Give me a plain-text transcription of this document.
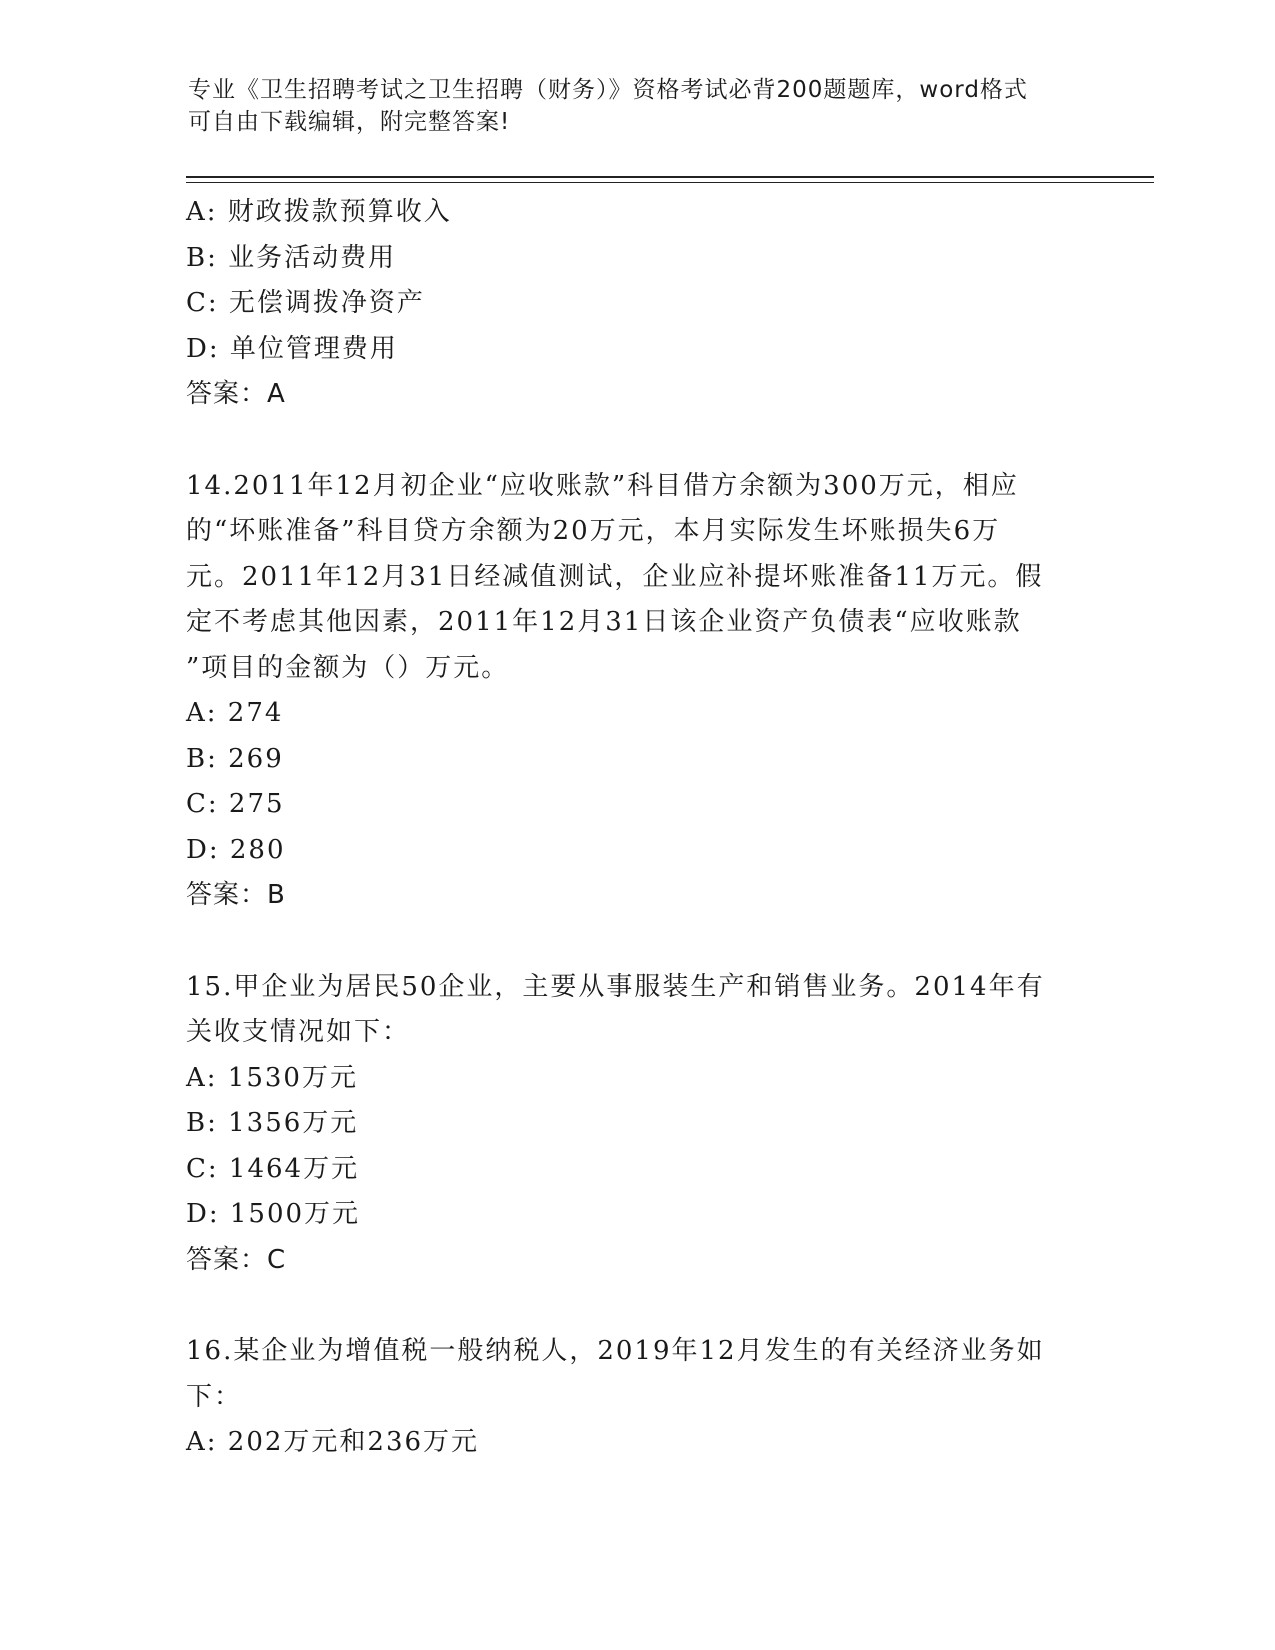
专业《卫生招聘考试之卫生招聘（财务）》资格考试必背200题题库，word格式
可自由下载编辑，附完整答案!
A: 财政拨款预算收入
B: 业务活动费用
C: 无偿调拨净资产
D: 单位管理费用
答案：A
14.2011年12月初企业“应收账款”科目借方余额为300万元，相应
的“坏账准备”科目贷方余额为20万元，本月实际发生坏账损失6万
元。2011年12月31日经减值测试，企业应补提坏账准备11万元。假
定不考虑其他因素，2011年12月31日该企业资产负债表“应收账款
”项目的金额为（）万元。
A: 274
B: 269
C: 275
D: 280
答案：B
15.甲企业为居民50企业，主要从事服装生产和销售业务。2014年有
关收支情况如下：
A: 1530万元
B: 1356万元
C: 1464万元
D: 1500万元
答案：C
16.某企业为增值税一般纳税人，2019年12月发生的有关经济业务如
下：
A: 202万元和236万元
